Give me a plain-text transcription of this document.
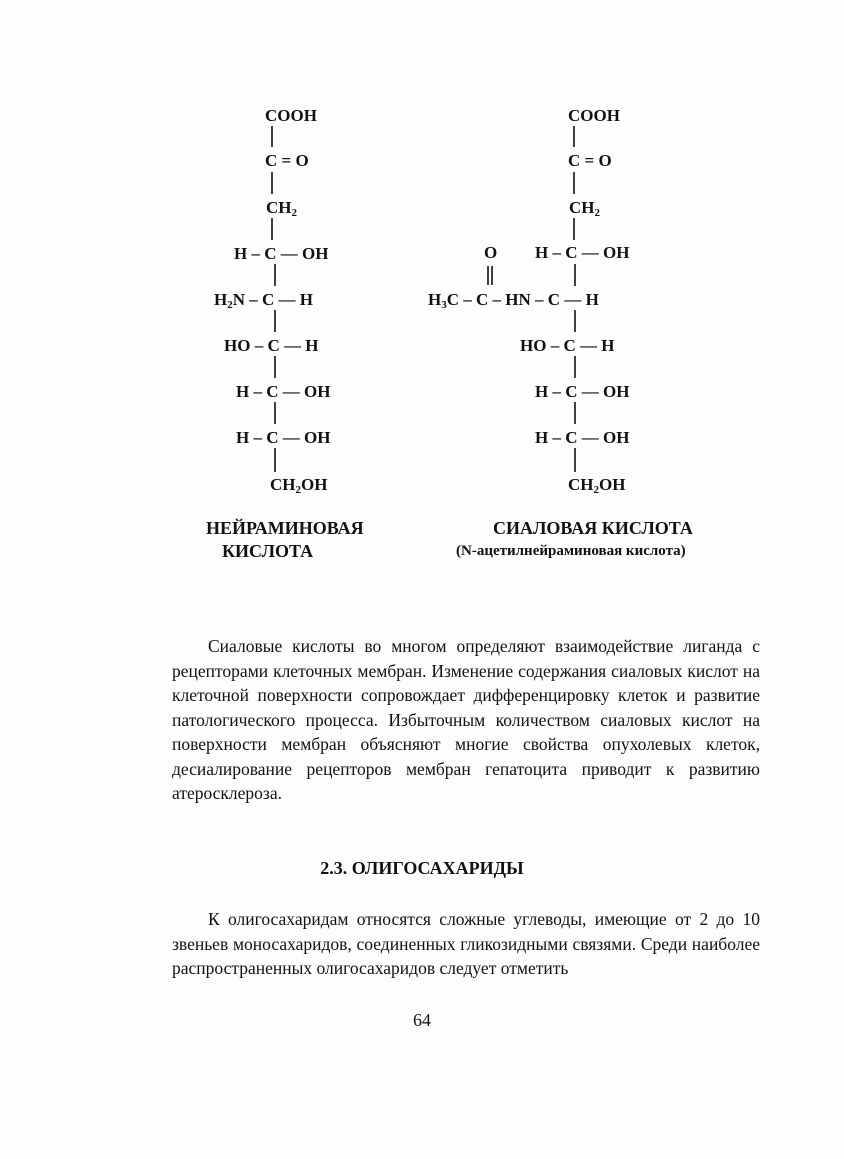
COOH
C = O
$CH_2$
H – C — OH
$H_2N$ – C — H
HO – C — H
H – C — OH
H – C — OH
$CH_2OH$
НЕЙРАМИНОВАЯ
КИСЛОТА
COOH
C = O
$CH_2$
O H – C — OH
$H_3C$ – C – HN – C — H
HO – C — H
H – C — OH
H – C — OH
$CH_2OH$
СИАЛОВАЯ КИСЛОТА
(N-ацетилнейраминовая кислота)

Сиаловые кислоты во многом определяют взаимодействие лиганда с рецепторами клеточных мембран. Изменение содержания сиаловых кислот на клеточной поверхности сопровождает дифференцировку клеток и развитие патологического процесса. Избыточным количеством сиаловых кислот на поверхности мембран объясняют многие свойства опухолевых клеток, десиалирование рецепторов мембран гепатоцита приводит к развитию атеросклероза.

2.3. ОЛИГОСАХАРИДЫ

К олигосахаридам относятся сложные углеводы, имеющие от 2 до 10 звеньев моносахаридов, соединенных гликозидными связями. Среди наиболее распространенных олигосахаридов следует отметить

64
